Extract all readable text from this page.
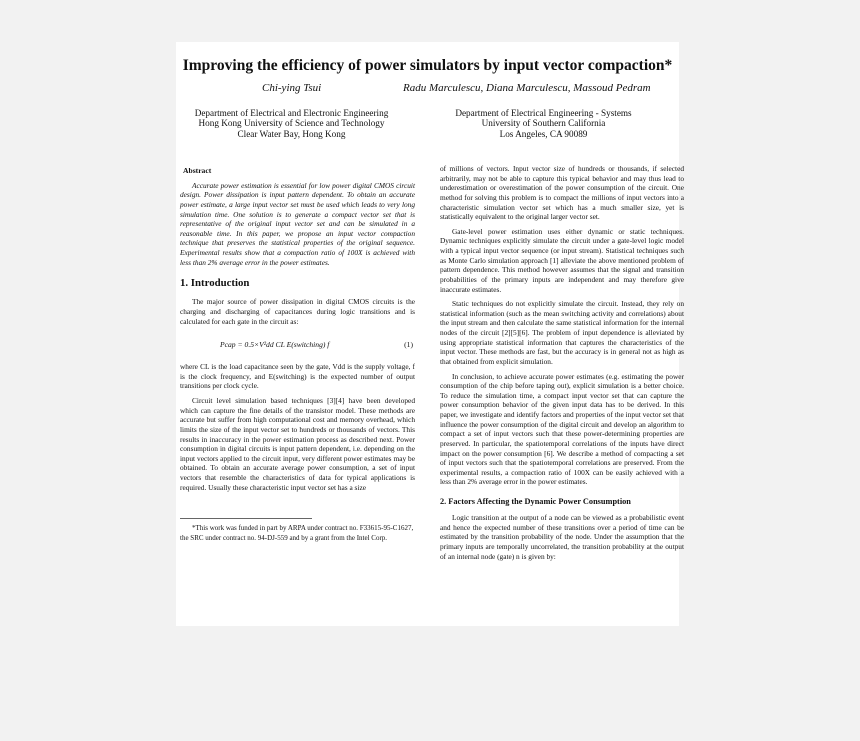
Improving the efficiency of power simulators by input vector compaction*
Chi-ying Tsui	Radu Marculescu, Diana Marculescu, Massoud Pedram
Department of Electrical and Electronic Engineering
Hong Kong University of Science and Technology
Clear Water Bay, Hong Kong
Department of Electrical Engineering - Systems
University of Southern California
Los Angeles, CA 90089
Abstract

Accurate power estimation is essential for low power digital CMOS circuit design. Power dissipation is input pattern dependent. To obtain an accurate power estimate, a large input vector set must be used which leads to very long simulation time. One solution is to generate a compact vector set that is representative of the original input vector set and can be simulated in a reasonable time. In this paper, we propose an input vector compaction technique that preserves the statistical properties of the original sequence. Experimental results show that a compaction ratio of 100X is achieved with less than 2% average error in the power estimates.

1. Introduction

The major source of power dissipation in digital CMOS circuits is the charging and discharging of capacitances during logic transitions and is calculated for each gate in the circuit as:

Pcap = 0.5×V²dd CL E(switching) f	(1)

where CL is the load capacitance seen by the gate, Vdd is the supply voltage, f is the clock frequency, and E(switching) is the expected number of output transitions per clock cycle.

Circuit level simulation based techniques [3][4] have been developed which can capture the fine details of the transistor model. These methods are accurate but suffer from high computational cost and memory overhead, which limits the size of the input vector set to hundreds or thousands of vectors. This results in inaccuracy in the power estimation process as described next. Power consumption in digital circuits is input pattern dependent, i.e. depending on the input vectors applied to the circuit input, very different power estimates may be obtained. To obtain an accurate average power consumption, a set of input vectors that resemble the characteristics of data for typical applications is required. Usually these characteristic input vector set has a size

*This work was funded in part by ARPA under contract no. F33615-95-C1627, the SRC under contract no. 94-DJ-559 and by a grant from the Intel Corp.

of millions of vectors. Input vector size of hundreds or thousands, if selected arbitrarily, may not be able to capture this typical behavior and may thus lead to underestimation or overestimation of the power consumption of the circuit. One method for solving this problem is to compact the millions of input vectors into a characteristic simulation vector set which has a much smaller size, yet is statistically equivalent to the original larger vector set.

Gate-level power estimation uses either dynamic or static techniques. Dynamic techniques explicitly simulate the circuit under a gate-level logic model with a typical input vector sequence (or input stream). Statistical techniques such as Monte Carlo simulation approach [1] alleviate the above mentioned problem of pattern dependence. This method however assumes that the signal and transition probabilities of the primary inputs are independent and may therefore give inaccurate estimates.

Static techniques do not explicitly simulate the circuit. Instead, they rely on statistical information (such as the mean switching activity and correlations) about the input stream and then calculate the same statistical information for the internal nodes of the circuit [2][5][6]. The problem of input dependence is alleviated by using appropriate statistical information that captures the characteristics of the input vector. These methods are fast, but the accuracy is in general not as high as that obtained from explicit simulation.

In conclusion, to achieve accurate power estimates (e.g. estimating the power consumption of the chip before taping out), explicit simulation is a better choice. To reduce the simulation time, a compact input vector set that can capture the power consumption behavior of the given input data has to be derived. In this paper, we investigate and identify factors and properties of the input vector set that influence the power consumption of the digital circuit and develop an algorithm to compact a set of input vectors such that these power-determining properties are preserved. In particular, the spatiotemporal correlations of the inputs have direct impact on the power consumption [6]. We describe a method of compacting a set of input vectors such that the spatiotemporal correlations are preserved. From the experimental results, a compaction ratio of 100X can be easily achieved with a less than 2% average error in the power estimates.

2. Factors Affecting the Dynamic Power Consumption

Logic transition at the output of a node can be viewed as a probabilistic event and hence the expected number of these transitions over a period of time can be estimated by the transition probability of the node. Under the assumption that the primary inputs are temporally uncorrelated, the transition probability at the output of an internal node (gate) n is given by:
